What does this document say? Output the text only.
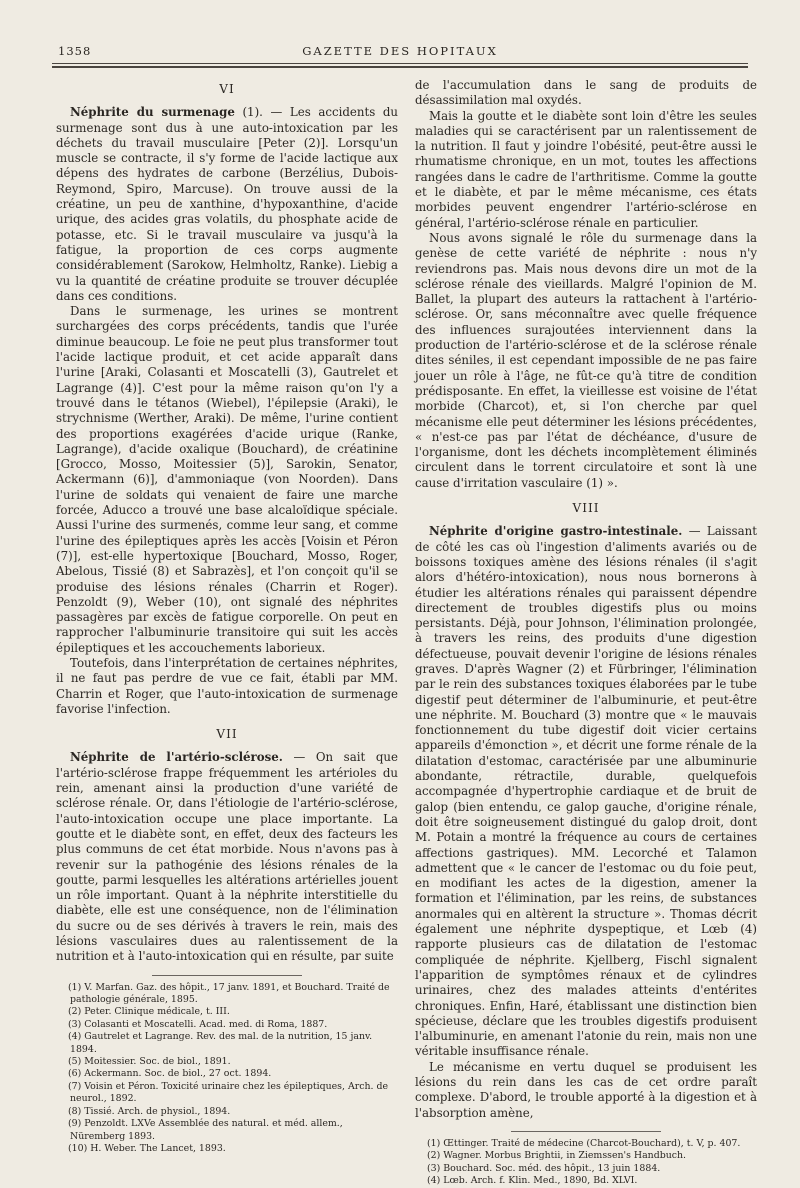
1358	GAZETTE DES HOPITAUX
VI

Néphrite du surmenage (1). — Les accidents du surmenage sont dus à une auto-intoxication par les déchets du travail musculaire [Peter (2)]. Lorsqu'un muscle se contracte, il s'y forme de l'acide lactique aux dépens des hydrates de carbone (Berzélius, Dubois-Reymond, Spiro, Marcuse). On trouve aussi de la créatine, un peu de xanthine, d'hypoxanthine, d'acide urique, des acides gras volatils, du phosphate acide de potasse, etc. Si le travail musculaire va jusqu'à la fatigue, la proportion de ces corps augmente considérablement (Sarokow, Helmholtz, Ranke). Liebig a vu la quantité de créatine produite se trouver décuplée dans ces conditions.

Dans le surmenage, les urines se montrent surchargées des corps précédents, tandis que l'urée diminue beaucoup. Le foie ne peut plus transformer tout l'acide lactique produit, et cet acide apparaît dans l'urine [Araki, Colasanti et Moscatelli (3), Gautrelet et Lagrange (4)]. C'est pour la même raison qu'on l'y a trouvé dans le tétanos (Wiebel), l'épilepsie (Araki), le strychnisme (Werther, Araki). De même, l'urine contient des proportions exagérées d'acide urique (Ranke, Lagrange), d'acide oxalique (Bouchard), de créatinine [Grocco, Mosso, Moitessier (5)], Sarokin, Senator, Ackermann (6)], d'ammoniaque (von Noorden). Dans l'urine de soldats qui venaient de faire une marche forcée, Aducco a trouvé une base alcaloïdique spéciale. Aussi l'urine des surmenés, comme leur sang, et comme l'urine des épileptiques après les accès [Voisin et Péron (7)], est-elle hypertoxique [Bouchard, Mosso, Roger, Abelous, Tissié (8) et Sabrazès], et l'on conçoit qu'il se produise des lésions rénales (Charrin et Roger). Penzoldt (9), Weber (10), ont signalé des néphrites passagères par excès de fatigue corporelle. On peut en rapprocher l'albuminurie transitoire qui suit les accès épileptiques et les accouchements laborieux.

Toutefois, dans l'interprétation de certaines néphrites, il ne faut pas perdre de vue ce fait, établi par MM. Charrin et Roger, que l'auto-intoxication de surmenage favorise l'infection.

VII

Néphrite de l'artério-sclérose. — On sait que l'artério-sclérose frappe fréquemment les artérioles du rein, amenant ainsi la production d'une variété de sclérose rénale. Or, dans l'étiologie de l'artério-sclérose, l'auto-intoxication occupe une place importante. La goutte et le diabète sont, en effet, deux des facteurs les plus communs de cet état morbide. Nous n'avons pas à revenir sur la pathogénie des lésions rénales de la goutte, parmi lesquelles les altérations artérielles jouent un rôle important. Quant à la néphrite interstitielle du diabète, elle est une conséquence, non de l'élimination du sucre ou de ses dérivés à travers le rein, mais des lésions vasculaires dues au ralentissement de la nutrition et à l'auto-intoxication qui en résulte, par suite

(1) V. Marfan. Gaz. des hôpit., 17 janv. 1891, et Bouchard. Traité de pathologie générale, 1895.

(2) Peter. Clinique médicale, t. III.

(3) Colasanti et Moscatelli. Acad. med. di Roma, 1887.

(4) Gautrelet et Lagrange. Rev. des mal. de la nutrition, 15 janv. 1894.

(5) Moitessier. Soc. de biol., 1891.

(6) Ackermann. Soc. de biol., 27 oct. 1894.

(7) Voisin et Péron. Toxicité urinaire chez les épileptiques, Arch. de neurol., 1892.

(8) Tissié. Arch. de physiol., 1894.

(9) Penzoldt. LXVe Assemblée des natural. et méd. allem., Nüremberg 1893.

(10) H. Weber. The Lancet, 1893.

de l'accumulation dans le sang de produits de désassimilation mal oxydés.

Mais la goutte et le diabète sont loin d'être les seules maladies qui se caractérisent par un ralentissement de la nutrition. Il faut y joindre l'obésité, peut-être aussi le rhumatisme chronique, en un mot, toutes les affections rangées dans le cadre de l'arthritisme. Comme la goutte et le diabète, et par le même mécanisme, ces états morbides peuvent engendrer l'artério-sclérose en général, l'artério-sclérose rénale en particulier.

Nous avons signalé le rôle du surmenage dans la genèse de cette variété de néphrite : nous n'y reviendrons pas. Mais nous devons dire un mot de la sclérose rénale des vieillards. Malgré l'opinion de M. Ballet, la plupart des auteurs la rattachent à l'artério-sclérose. Or, sans méconnaître avec quelle fréquence des influences surajoutées interviennent dans la production de l'artério-sclérose et de la sclérose rénale dites séniles, il est cependant impossible de ne pas faire jouer un rôle à l'âge, ne fût-ce qu'à titre de condition prédisposante. En effet, la vieillesse est voisine de l'état morbide (Charcot), et, si l'on cherche par quel mécanisme elle peut déterminer les lésions précédentes, « n'est-ce pas par l'état de déchéance, d'usure de l'organisme, dont les déchets incomplètement éliminés circulent dans le torrent circulatoire et sont là une cause d'irritation vasculaire (1) ».

VIII

Néphrite d'origine gastro-intestinale. — Laissant de côté les cas où l'ingestion d'aliments avariés ou de boissons toxiques amène des lésions rénales (il s'agit alors d'hétéro-intoxication), nous nous bornerons à étudier les altérations rénales qui paraissent dépendre directement de troubles digestifs plus ou moins persistants. Déjà, pour Johnson, l'élimination prolongée, à travers les reins, des produits d'une digestion défectueuse, pouvait devenir l'origine de lésions rénales graves. D'après Wagner (2) et Fürbringer, l'élimination par le rein des substances toxiques élaborées par le tube digestif peut déterminer de l'albuminurie, et peut-être une néphrite. M. Bouchard (3) montre que « le mauvais fonctionnement du tube digestif doit vicier certains appareils d'émonction », et décrit une forme rénale de la dilatation d'estomac, caractérisée par une albuminurie abondante, rétractile, durable, quelquefois accompagnée d'hypertrophie cardiaque et de bruit de galop (bien entendu, ce galop gauche, d'origine rénale, doit être soigneusement distingué du galop droit, dont M. Potain a montré la fréquence au cours de certaines affections gastriques). MM. Lecorché et Talamon admettent que « le cancer de l'estomac ou du foie peut, en modifiant les actes de la digestion, amener la formation et l'élimination, par les reins, de substances anormales qui en altèrent la structure ». Thomas décrit également une néphrite dyspeptique, et Lœb (4) rapporte plusieurs cas de dilatation de l'estomac compliquée de néphrite. Kjellberg, Fischl signalent l'apparition de symptômes rénaux et de cylindres urinaires, chez des malades atteints d'entérites chroniques. Enfin, Haré, établissant une distinction bien spécieuse, déclare que les troubles digestifs produisent l'albuminurie, en amenant l'atonie du rein, mais non une véritable insuffisance rénale.

Le mécanisme en vertu duquel se produisent les lésions du rein dans les cas de cet ordre paraît complexe. D'abord, le trouble apporté à la digestion et à l'absorption amène,

(1) Œttinger. Traité de médecine (Charcot-Bouchard), t. V, p. 407.

(2) Wagner. Morbus Brightii, in Ziemssen's Handbuch.

(3) Bouchard. Soc. méd. des hôpit., 13 juin 1884.

(4) Lœb. Arch. f. Klin. Med., 1890, Bd. XLVI.
